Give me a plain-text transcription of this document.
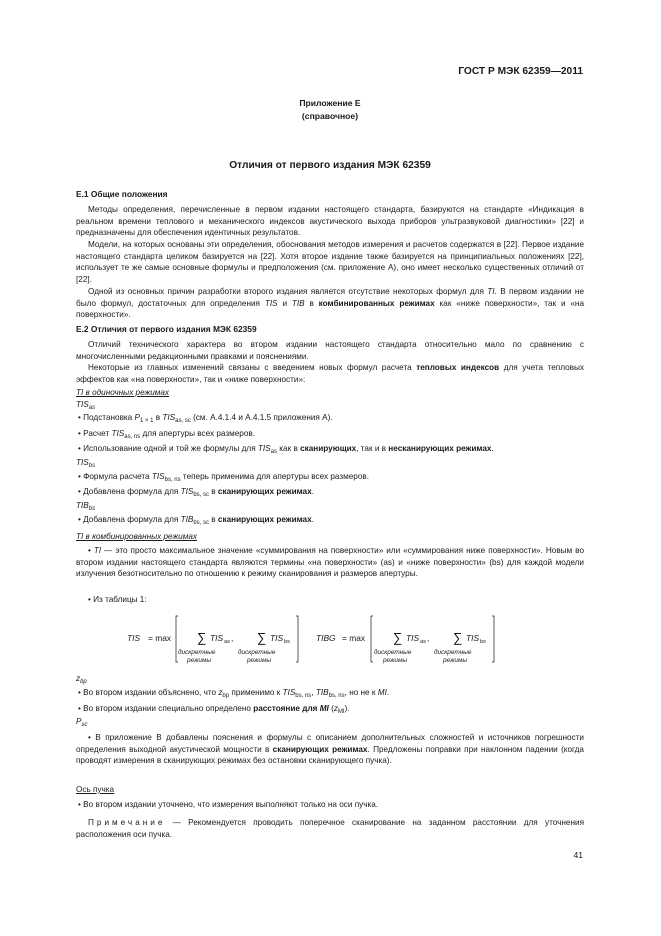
ГОСТ Р МЭК 62359—2011
Приложение Е
(справочное)
Отличия от первого издания МЭК 62359
Е.1 Общие положения
Методы определения, перечисленные в первом издании настоящего стандарта, базируются на стандарте «Индикация в реальном времени теплового и механического индексов акустического выхода приборов ультразвуковой диагностики» [22] и предназначены для обеспечения идентичных результатов.
Модели, на которых основаны эти определения, обоснования методов измерения и расчетов содержатся в [22]. Первое издание настоящего стандарта целиком базируется на [22]. Хотя второе издание также базируется на принципиальных положениях [22], использует те же самые основные формулы и предположения (см. приложение А), оно имеет несколько существенных отличий от [22].
Одной из основных причин разработки второго издания является отсутствие некоторых формул для TI. В первом издании не было формул, достаточных для определения TIS и TIB в комбинированных режимах как «ниже поверхности», так и «на поверхности».
Е.2 Отличия от первого издания МЭК 62359
Отличий технического характера во втором издании настоящего стандарта относительно мало по сравнению с многочисленными редакционными правками и пояснениями.
Некоторые из главных изменений связаны с введением новых формул расчета тепловых индексов для учета тепловых эффектов как «на поверхности», так и «ниже поверхности»:
TI в одиночных режимах
$TIS_{as}$
• Подстановка $P_{1 \times 1}$ в $TIS_{as, sc}$ (см. А.4.1.4 и А.4.1.5 приложения А).
• Расчет $TIS_{as, ns}$ для апертуры всех размеров.
• Использование одной и той же формулы для $TIS_{as}$ как в сканирующих, так и в несканирующих режимах.
$TIS_{bs}$
• Формула расчета $TIS_{bs, ns}$ теперь применима для апертуры всех размеров.
• Добавлена формула для $TIS_{bs, sc}$ в сканирующих режимах.
$TIB_{bs}$
• Добавлена формула для $TIB_{bs, sc}$ в сканирующих режимах.
TI в комбинированных режимах
• TI — это просто максимальное значение «суммирования на поверхности» или «суммирования ниже поверхности». Новым во втором издании настоящего стандарта являются термины «на поверхности» (as) и «ниже поверхности» (bs) для каждой модели излучения безотносительно по отношению к режиму сканирования и размеров апертуры.
• Из таблицы 1:
TIS = max ∑ TIS as ,
дискретные
режимы
∑ TIS bs
дискретные
режимы
TIBG = max ∑ TIS as ,
дискретные
режимы
∑ TIS bs
дискретные
режимы
$z_{bp}$
• Во втором издании объяснено, что $z_{bp}$ применимо к $TIS_{bs, ns}$, $TIB_{bs, ns}$, но не к MI.
• Во втором издании специально определено расстояние для MI $(z_{MI})$.
$P_{sc}$
• В приложение В добавлены пояснения и формулы с описанием дополнительных сложностей и источников погрешности определения выходной акустической мощности в сканирующих режимах. Предложены поправки при наклонном падении (когда проводят измерения в сканирующих режимах без остановки сканирующего пучка).
Ось пучка
• Во втором издании уточнено, что измерения выполняют только на оси пучка.
Примечание — Рекомендуется проводить поперечное сканирование на заданном расстоянии для уточнения расположения оси пучка.
41
